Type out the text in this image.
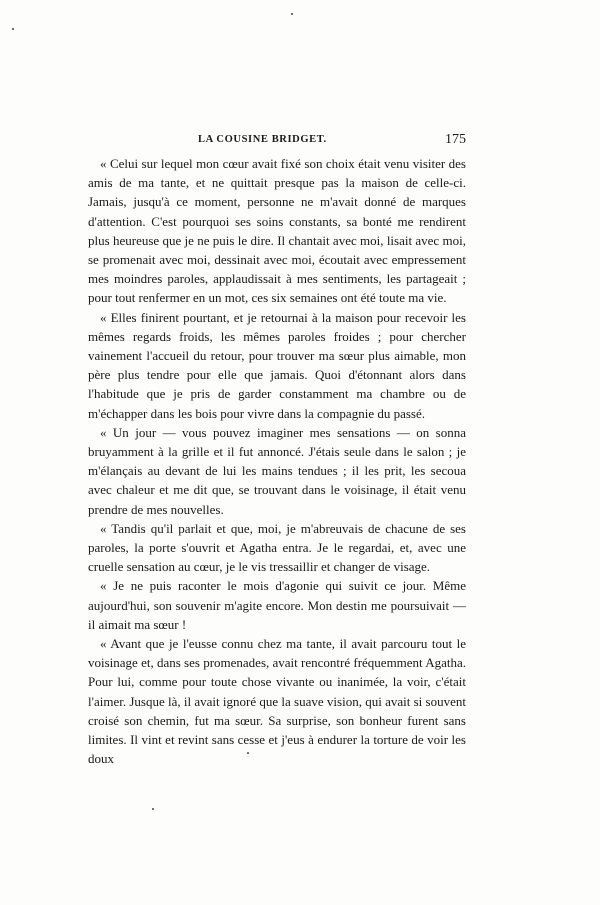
LA COUSINE BRIDGET.	175

« Celui sur lequel mon cœur avait fixé son choix était venu visiter des amis de ma tante, et ne quittait presque pas la maison de celle-ci. Jamais, jusqu'à ce moment, personne ne m'avait donné de marques d'attention. C'est pourquoi ses soins constants, sa bonté me rendirent plus heureuse que je ne puis le dire. Il chantait avec moi, lisait avec moi, se promenait avec moi, dessinait avec moi, écoutait avec empressement mes moindres paroles, applaudissait à mes sentiments, les partageait ; pour tout renfermer en un mot, ces six semaines ont été toute ma vie.

« Elles finirent pourtant, et je retournai à la maison pour recevoir les mêmes regards froids, les mêmes paroles froides ; pour chercher vainement l'accueil du retour, pour trouver ma sœur plus aimable, mon père plus tendre pour elle que jamais. Quoi d'étonnant alors dans l'habitude que je pris de garder constamment ma chambre ou de m'échapper dans les bois pour vivre dans la compagnie du passé.

« Un jour — vous pouvez imaginer mes sensations — on sonna bruyamment à la grille et il fut annoncé. J'étais seule dans le salon ; je m'élançais au devant de lui les mains tendues ; il les prit, les secoua avec chaleur et me dit que, se trouvant dans le voisinage, il était venu prendre de mes nouvelles.

« Tandis qu'il parlait et que, moi, je m'abreuvais de chacune de ses paroles, la porte s'ouvrit et Agatha entra. Je le regardai, et, avec une cruelle sensation au cœur, je le vis tressaillir et changer de visage.

« Je ne puis raconter le mois d'agonie qui suivit ce jour. Même aujourd'hui, son souvenir m'agite encore. Mon destin me poursuivait — il aimait ma sœur !

« Avant que je l'eusse connu chez ma tante, il avait parcouru tout le voisinage et, dans ses promenades, avait rencontré fréquemment Agatha. Pour lui, comme pour toute chose vivante ou inanimée, la voir, c'était l'aimer. Jusque là, il avait ignoré que la suave vision, qui avait si souvent croisé son chemin, fut ma sœur. Sa surprise, son bonheur furent sans limites. Il vint et revint sans cesse et j'eus à endurer la torture de voir les doux
